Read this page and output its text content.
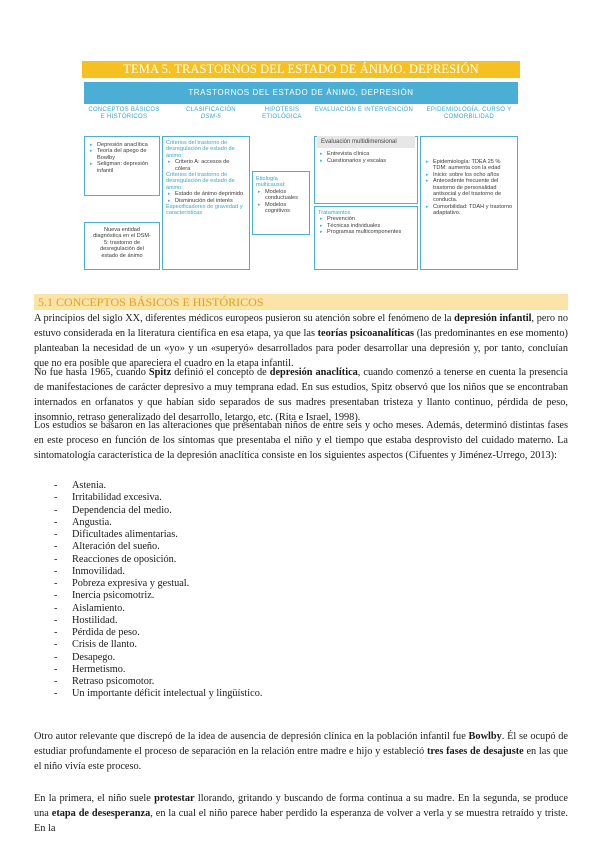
TEMA 5. TRASTORNOS DEL ESTADO DE ÁNIMO. DEPRESIÓN
TRASTORNOS DEL ESTADO DE ÁNIMO, DEPRESIÓN
CONCEPTOS BÁSICOS E HISTÓRICOS
CLASIFICACIÓN
DSM-5
HIPÓTESIS ETIOLÓGICA
EVALUACIÓN E INTERVENCIÓN	EPIDEMIOLOGÍA, CURSO Y COMORBILIDAD
▸ Depresión anaclítica
▸ Teoría del apego de Bowlby
▸ Seligman: depresión infantil
Nueva entidad diagnóstica en el DSM-5: trastorno de desregulación del estado de ánimo
Criterios del trastorno de desregulación de estado de ánimo:
▸ Criterio A: accesos de cólera
Criterios del trastorno de desregulación de estado de ánimo:
▸ Estado de ánimo deprimido
▸ Disminución del interés
Especificadores de gravedad y características
Etiología multicausal:
▸ Modelos conductuales
▸ Modelos cognitivos
Evaluación multidimensional
▸ Entrevista clínica
▸ Cuestionarios y escalas
Tratamientos
▸ Prevención
▸ Técnicas individuales
▸ Programas multicomponentes
▸ Epidemiología: TDEA 25 % TDM: aumenta con la edad
▸ Inicio: sobre los ocho años
▸ Antecedente frecuente del trastorno de personalidad antisocial y del trastorno de conducta.
▸ Comorbilidad: TDAH y trastorno adaptativo.
5.1 CONCEPTOS BÁSICOS E HISTÓRICOS

A principios del siglo XX, diferentes médicos europeos pusieron su atención sobre el fenómeno de la depresión infantil, pero no estuvo considerada en la literatura científica en esa etapa, ya que las teorías psicoanalíticas (las predominantes en ese momento) planteaban la necesidad de un «yo» y un «superyó» desarrollados para poder desarrollar una depresión y, por tanto, concluían que no era posible que apareciera el cuadro en la etapa infantil.

No fue hasta 1965, cuando Spitz definió el concepto de depresión anaclítica, cuando comenzó a tenerse en cuenta la presencia de manifestaciones de carácter depresivo a muy temprana edad. En sus estudios, Spitz observó que los niños que se encontraban internados en orfanatos y que habían sido separados de sus madres presentaban tristeza y llanto continuo, pérdida de peso, insomnio, retraso generalizado del desarrollo, letargo, etc. (Rita e Israel, 1998).

Los estudios se basaron en las alteraciones que presentaban niños de entre seis y ocho meses. Además, determinó distintas fases en este proceso en función de los síntomas que presentaba el niño y el tiempo que estaba desprovisto del cuidado materno. La sintomatología característica de la depresión anaclítica consiste en los siguientes aspectos (Cifuentes y Jiménez-Urrego, 2013):

-	Astenia.
-	Irritabilidad excesiva.
-	Dependencia del medio.
-	Angustia.
-	Dificultades alimentarias.
-	Alteración del sueño.
-	Reacciones de oposición.
-	Inmovilidad.
-	Pobreza expresiva y gestual.
-	Inercia psicomotriz.
-	Aislamiento.
-	Hostilidad.
-	Pérdida de peso.
-	Crisis de llanto.
-	Desapego.
-	Hermetismo.
-	Retraso psicomotor.
-	Un importante déficit intelectual y lingüístico.

Otro autor relevante que discrepó de la idea de ausencia de depresión clínica en la población infantil fue Bowlby. Él se ocupó de estudiar profundamente el proceso de separación en la relación entre madre e hijo y estableció tres fases de desajuste en las que el niño vivía este proceso.

En la primera, el niño suele protestar llorando, gritando y buscando de forma continua a su madre. En la segunda, se produce una etapa de desesperanza, en la cual el niño parece haber perdido la esperanza de volver a verla y se muestra retraído y triste. En la
